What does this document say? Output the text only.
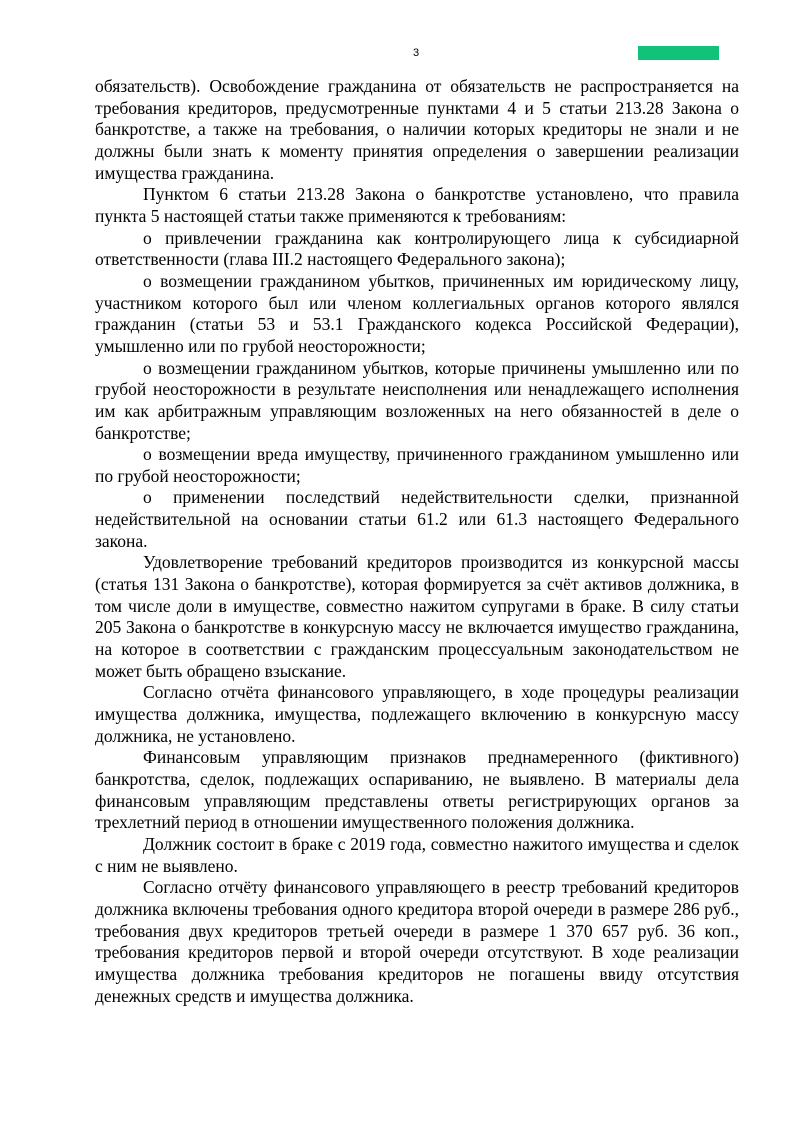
3

обязательств). Освобождение гражданина от обязательств не распространяется на требования кредиторов, предусмотренные пунктами 4 и 5 статьи 213.28 Закона о банкротстве, а также на требования, о наличии которых кредиторы не знали и не должны были знать к моменту принятия определения о завершении реализации имущества гражданина.

Пунктом 6 статьи 213.28 Закона о банкротстве установлено, что правила пункта 5 настоящей статьи также применяются к требованиям:

о привлечении гражданина как контролирующего лица к субсидиарной ответственности (глава III.2 настоящего Федерального закона);

о возмещении гражданином убытков, причиненных им юридическому лицу, участником которого был или членом коллегиальных органов которого являлся гражданин (статьи 53 и 53.1 Гражданского кодекса Российской Федерации), умышленно или по грубой неосторожности;

о возмещении гражданином убытков, которые причинены умышленно или по грубой неосторожности в результате неисполнения или ненадлежащего исполнения им как арбитражным управляющим возложенных на него обязанностей в деле о банкротстве;

о возмещении вреда имуществу, причиненного гражданином умышленно или по грубой неосторожности;

о применении последствий недействительности сделки, признанной недействительной на основании статьи 61.2 или 61.3 настоящего Федерального закона.

Удовлетворение требований кредиторов производится из конкурсной массы (статья 131 Закона о банкротстве), которая формируется за счёт активов должника, в том числе доли в имуществе, совместно нажитом супругами в браке. В силу статьи 205 Закона о банкротстве в конкурсную массу не включается имущество гражданина, на которое в соответствии с гражданским процессуальным законодательством не может быть обращено взыскание.

Согласно отчёта финансового управляющего, в ходе процедуры реализации имущества должника, имущества, подлежащего включению в конкурсную массу должника, не установлено.

Финансовым управляющим признаков преднамеренного (фиктивного) банкротства, сделок, подлежащих оспариванию, не выявлено. В материалы дела финансовым управляющим представлены ответы регистрирующих органов за трехлетний период в отношении имущественного положения должника.

Должник состоит в браке с 2019 года, совместно нажитого имущества и сделок с ним не выявлено.

Согласно отчёту финансового управляющего в реестр требований кредиторов должника включены требования одного кредитора второй очереди в размере 286 руб., требования двух кредиторов третьей очереди в размере 1 370 657 руб. 36 коп., требования кредиторов первой и второй очереди отсутствуют. В ходе реализации имущества должника требования кредиторов не погашены ввиду отсутствия денежных средств и имущества должника.
